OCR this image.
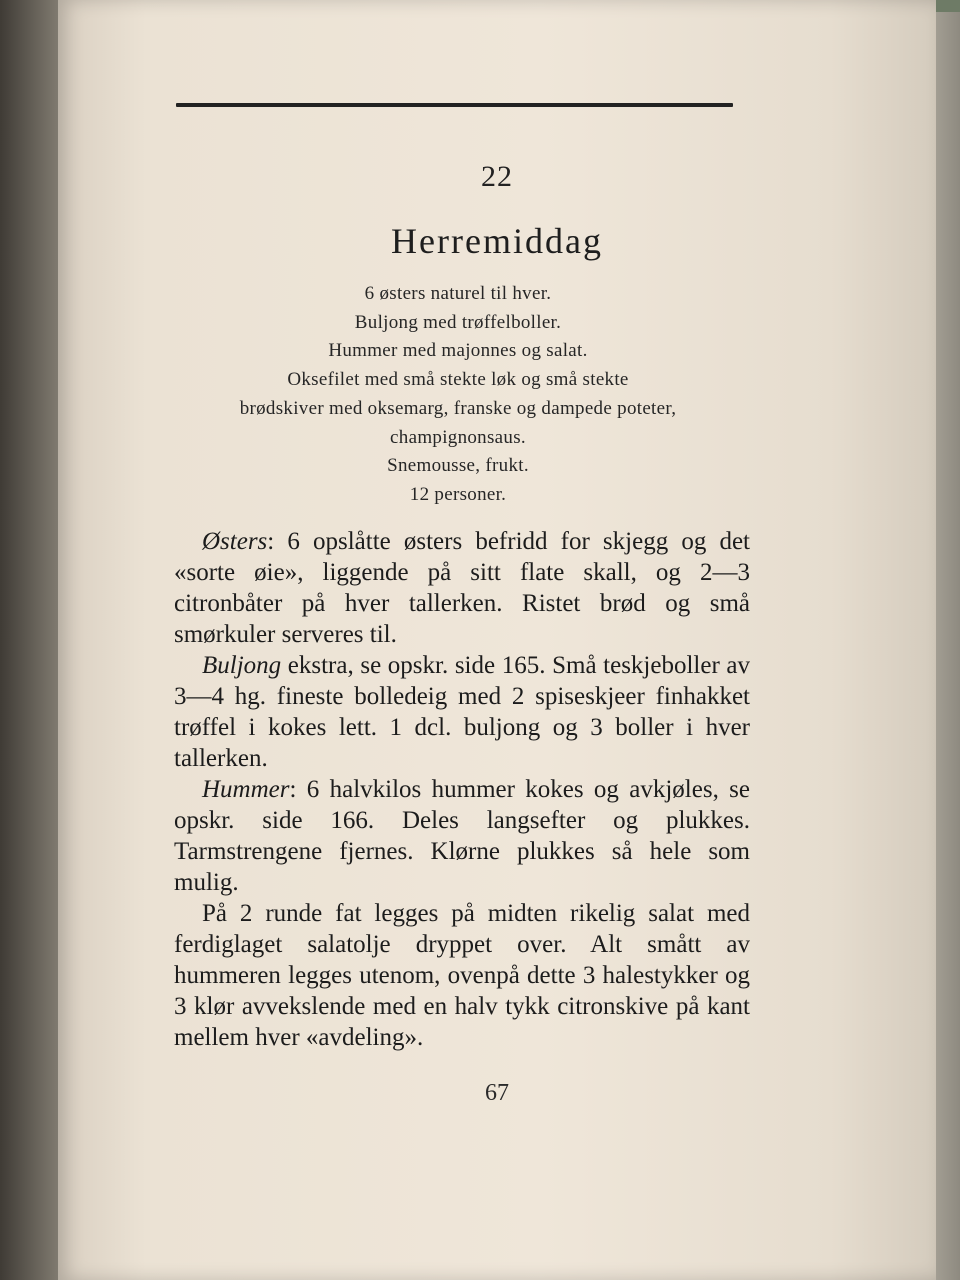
22
Herremiddag
6 østers naturel til hver.
Buljong med trøffelboller.
Hummer med majonnes og salat.
Oksefilet med små stekte løk og små stekte
brødskiver med oksemarg, franske og dampede poteter,
champignonsaus.
Snemousse, frukt.
12 personer.

Østers: 6 opslåtte østers befridd for skjegg og det «sorte øie», liggende på sitt flate skall, og 2—3 citronbåter på hver tallerken. Ristet brød og små smørkuler serveres til.

Buljong ekstra, se opskr. side 165. Små teskjeboller av 3—4 hg. fineste bolledeig med 2 spiseskjeer finhakket trøffel i kokes lett. 1 dcl. buljong og 3 boller i hver tallerken.

Hummer: 6 halvkilos hummer kokes og avkjøles, se opskr. side 166. Deles langsefter og plukkes. Tarmstrengene fjernes. Klørne plukkes så hele som mulig.

På 2 runde fat legges på midten rikelig salat med ferdiglaget salatolje dryppet over. Alt smått av hummeren legges utenom, ovenpå dette 3 halestykker og 3 klør avvekslende med en halv tykk citronskive på kant mellem hver «avdeling».

67
